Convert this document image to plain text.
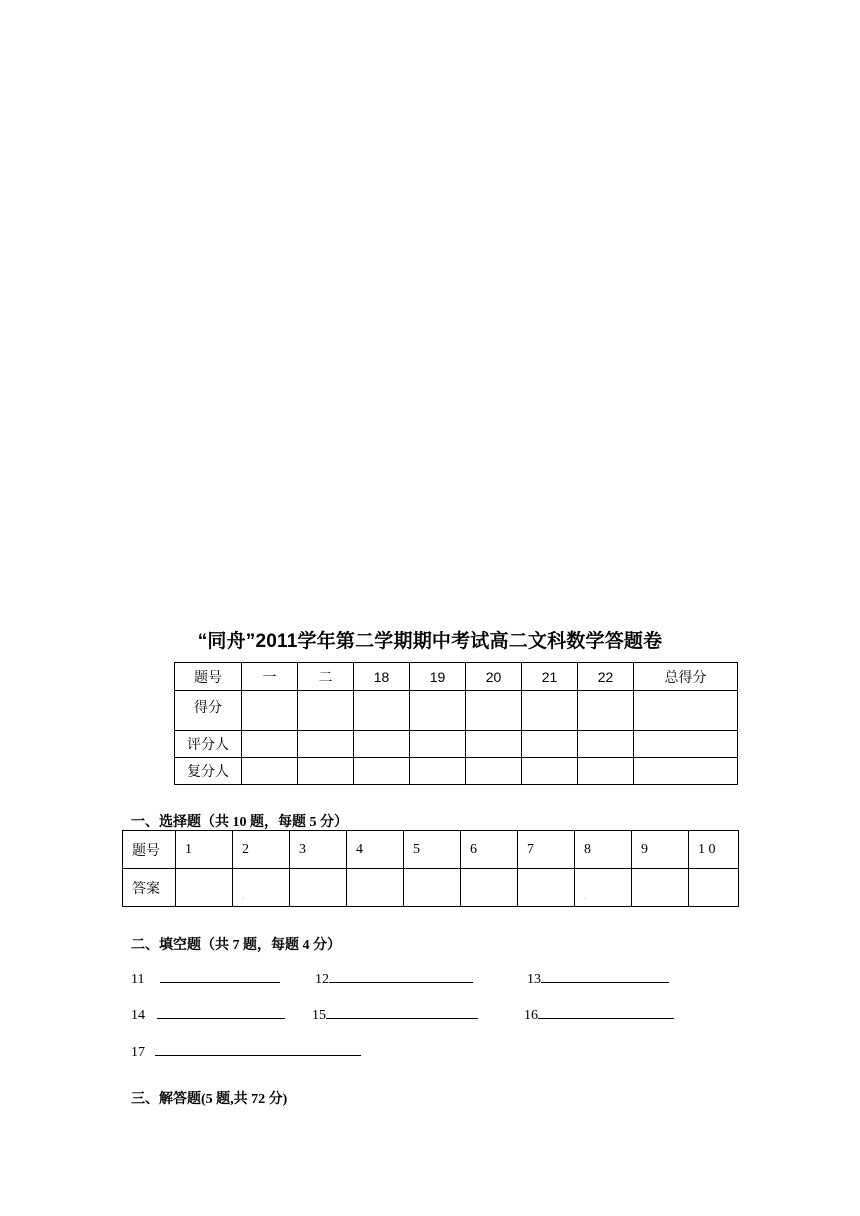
“同舟”2011学年第二学期期中考试高二文科数学答题卷
题号	一	二	18	19	20	21	22	总得分
得分								
评分人								
复分人								
一、选择题（共 10 题，每题 5 分）
题号	1	2	3	4	5	6	7	8	9	1 0
答案		◦						◦		
二、填空题（共 7 题，每题 4 分）
11	12	13
14	15	16
17
三、解答题(5 题,共 72 分)
